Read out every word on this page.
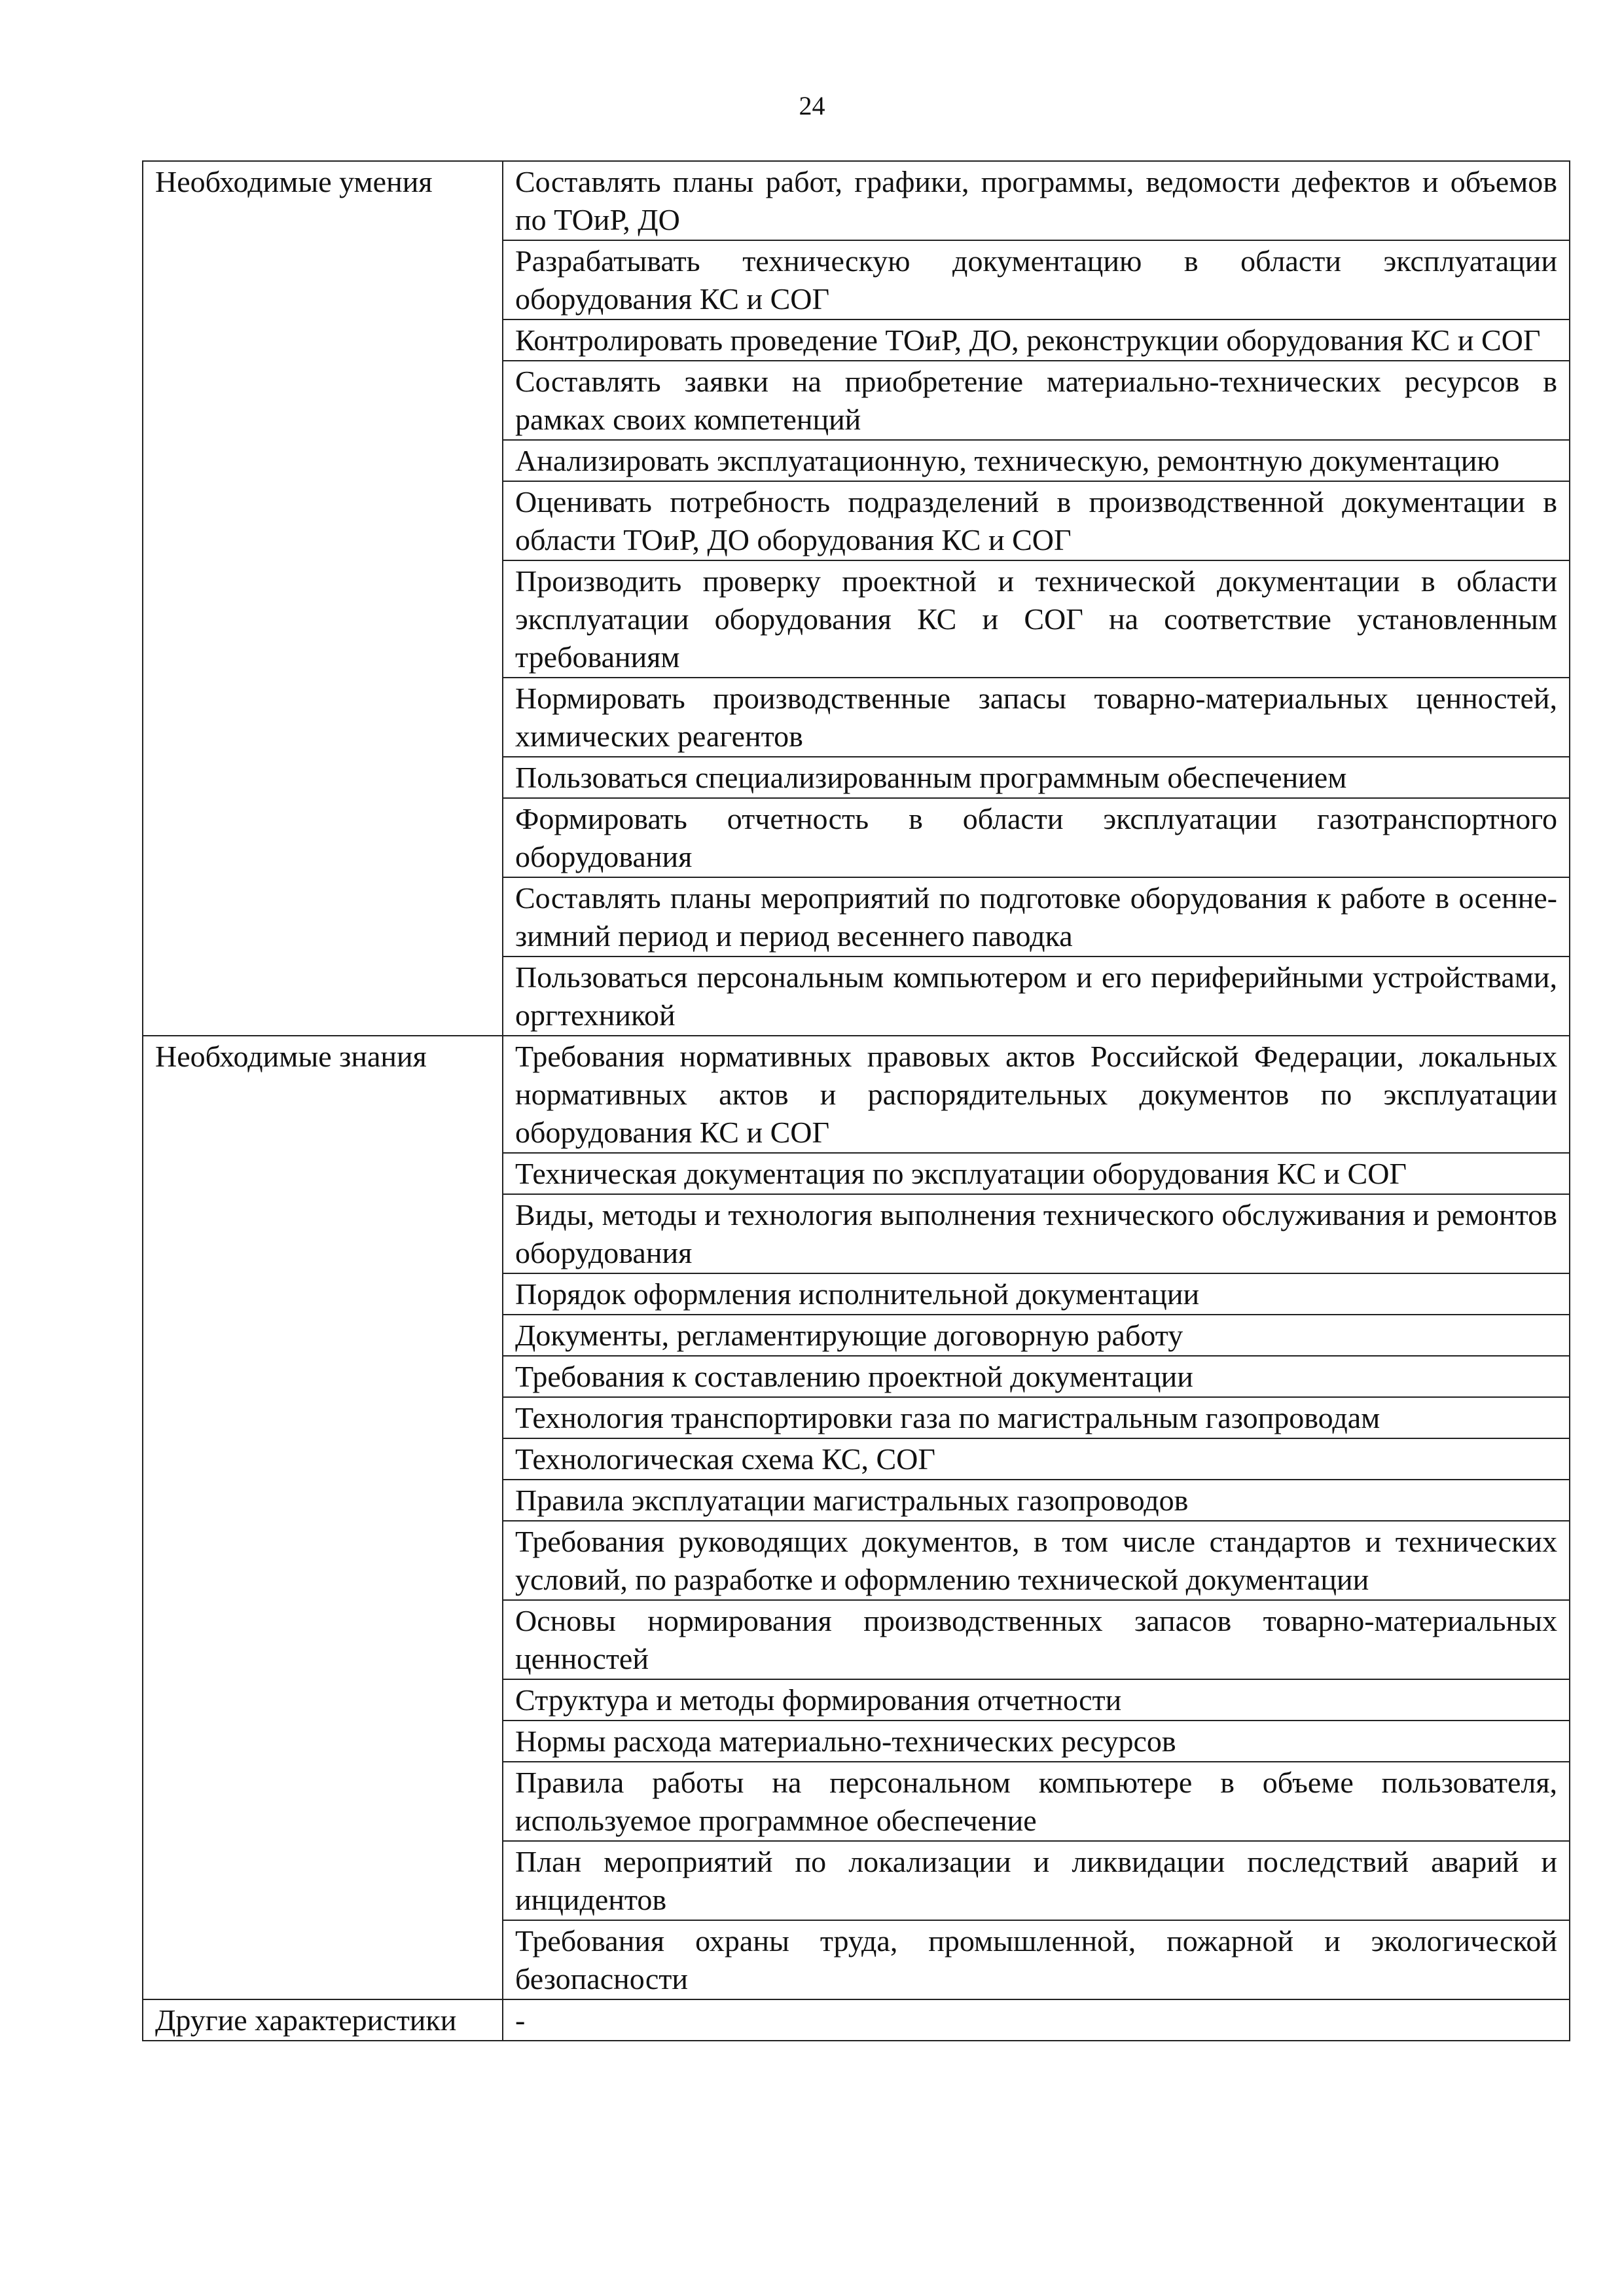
24
Необходимые умения	Составлять планы работ, графики, программы, ведомости дефектов и объемов по ТОиР, ДО

	Разрабатывать техническую документацию в области эксплуатации оборудования КС и СОГ

	Контролировать проведение ТОиР, ДО, реконструкции оборудования КС и СОГ

	Составлять заявки на приобретение материально-технических ресурсов в рамках своих компетенций

	Анализировать эксплуатационную, техническую, ремонтную документацию

	Оценивать потребность подразделений в производственной документации в области ТОиР, ДО оборудования КС и СОГ

	Производить проверку проектной и технической документации в области эксплуатации оборудования КС и СОГ на соответствие установленным требованиям

	Нормировать производственные запасы товарно-материальных ценностей, химических реагентов

	Пользоваться специализированным программным обеспечением

	Формировать отчетность в области эксплуатации газотранспортного оборудования

	Составлять планы мероприятий по подготовке оборудования к работе в осенне-зимний период и период весеннего паводка

	Пользоваться персональным компьютером и его периферийными устройствами, оргтехникой

Необходимые знания	Требования нормативных правовых актов Российской Федерации, локальных нормативных актов и распорядительных документов по эксплуатации оборудования КС и СОГ

	Техническая документация по эксплуатации оборудования КС и СОГ

	Виды, методы и технология выполнения технического обслуживания и ремонтов оборудования

	Порядок оформления исполнительной документации

	Документы, регламентирующие договорную работу

	Требования к составлению проектной документации

	Технология транспортировки газа по магистральным газопроводам

	Технологическая схема КС, СОГ

	Правила эксплуатации магистральных газопроводов

	Требования руководящих документов, в том числе стандартов и технических условий, по разработке и оформлению технической документации

	Основы нормирования производственных запасов товарно-материальных ценностей

	Структура и методы формирования отчетности

	Нормы расхода материально-технических ресурсов

	Правила работы на персональном компьютере в объеме пользователя, используемое программное обеспечение

	План мероприятий по локализации и ликвидации последствий аварий и инцидентов

	Требования охраны труда, промышленной, пожарной и экологической безопасности

Другие характеристики	-
